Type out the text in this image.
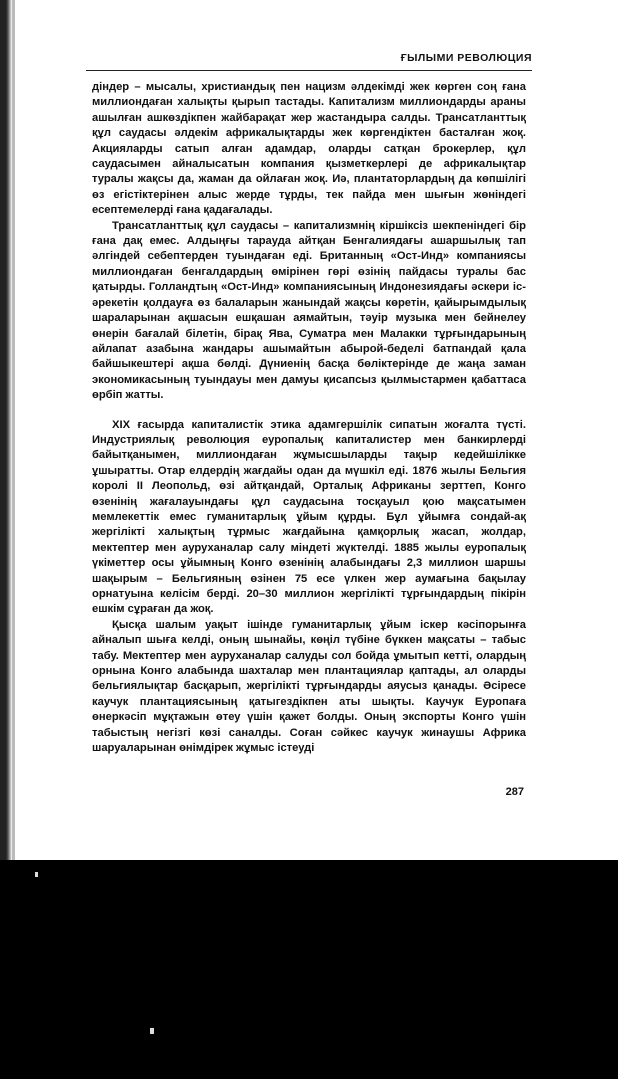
ҒЫЛЫМИ РЕВОЛЮЦИЯ

діндер – мысалы, христиандық пен нацизм әлдекімді жек көрген соң ғана миллиондаған халықты қырып тастады. Капитализм миллиондарды араны ашылған ашкөздікпен жайбарақат жер жастандыра салды. Трансатланттық құл саудасы әлдекім африкалықтарды жек көргендіктен басталған жоқ. Акцияларды сатып алған адамдар, оларды сатқан брокерлер, құл саудасымен айналысатын компания қызметкерлері де африкалықтар туралы жақсы да, жаман да ойлаған жоқ. Иә, плантаторлардың да көпшілігі өз егістіктерінен алыс жерде тұрды, тек пайда мен шығын жөніндегі есептемелерді ғана қадағалады.

Трансатланттық құл саудасы – капитализмнің кіршіксіз шекпеніндегі бір ғана дақ емес. Алдыңғы тарауда айтқан Бенгалиядағы ашаршылық тап әлгіндей себептерден туындаған еді. Британның «Ост-Инд» компаниясы миллиондаған бенгалдардың өмірінен гөрі өзінің пайдасы туралы бас қатырды. Голландтың «Ост-Инд» компаниясының Индонезиядағы әскери іс-әрекетін қолдауға өз балаларын жанындай жақсы көретін, қайырымдылық шараларынан ақшасын ешқашан аямайтын, тәуір музыка мен бейнелеу өнерін бағалай білетін, бірақ Ява, Суматра мен Малакки тұрғындарының айлапат азабына жандары ашымайтын абырой-беделі батпандай қала байшыкештері ақша бөлді. Дүниенің басқа бөліктерінде де жаңа заман экономикасының туындауы мен дамуы қисапсыз қылмыстармен қабаттаса өрбіп жатты.

XIX ғасырда капиталистік этика адамгершілік сипатын жоғалта түсті. Индустриялық революция еуропалық капиталистер мен банкирлерді байытқанымен, миллиондаған жұмысшыларды тақыр кедейшілікке ұшыратты. Отар елдердің жағдайы одан да мүшкіл еді. 1876 жылы Бельгия королі II Леопольд, өзі айтқандай, Орталық Африканы зерттеп, Конго өзенінің жағалауындағы құл саудасына тосқауыл қою мақсатымен мемлекеттік емес гуманитарлық ұйым құрды. Бұл ұйымға сондай-ақ жергілікті халықтың тұрмыс жағдайына қамқорлық жасап, жолдар, мектептер мен ауруханалар салу міндеті жүктелді. 1885 жылы еуропалық үкіметтер осы ұйымның Конго өзенінің алабындағы 2,3 миллион шаршы шақырым – Бельгияның өзінен 75 есе үлкен жер аумағына бақылау орнатуына келісім берді. 20–30 миллион жергілікті тұрғындардың пікірін ешкім сұраған да жоқ.

Қысқа шалым уақыт ішінде гуманитарлық ұйым іскер кәсіпорынға айналып шыға келді, оның шынайы, көңіл түбіне бүккен мақсаты – табыс табу. Мектептер мен ауруханалар салуды сол бойда ұмытып кетті, олардың орнына Конго алабында шахталар мен плантациялар қаптады, ал оларды бельгиялықтар басқарып, жергілікті тұрғындарды аяусыз қанады. Әсіресе каучук плантациясының қатыгездікпен аты шықты. Каучук Еуропаға өнеркәсіп мұқтажын өтеу үшін қажет болды. Оның экспорты Конго үшін табыстың негізгі көзі саналды. Соған сәйкес каучук жинаушы Африка шаруаларынан өнімдірек жұмыс істеуді

287
